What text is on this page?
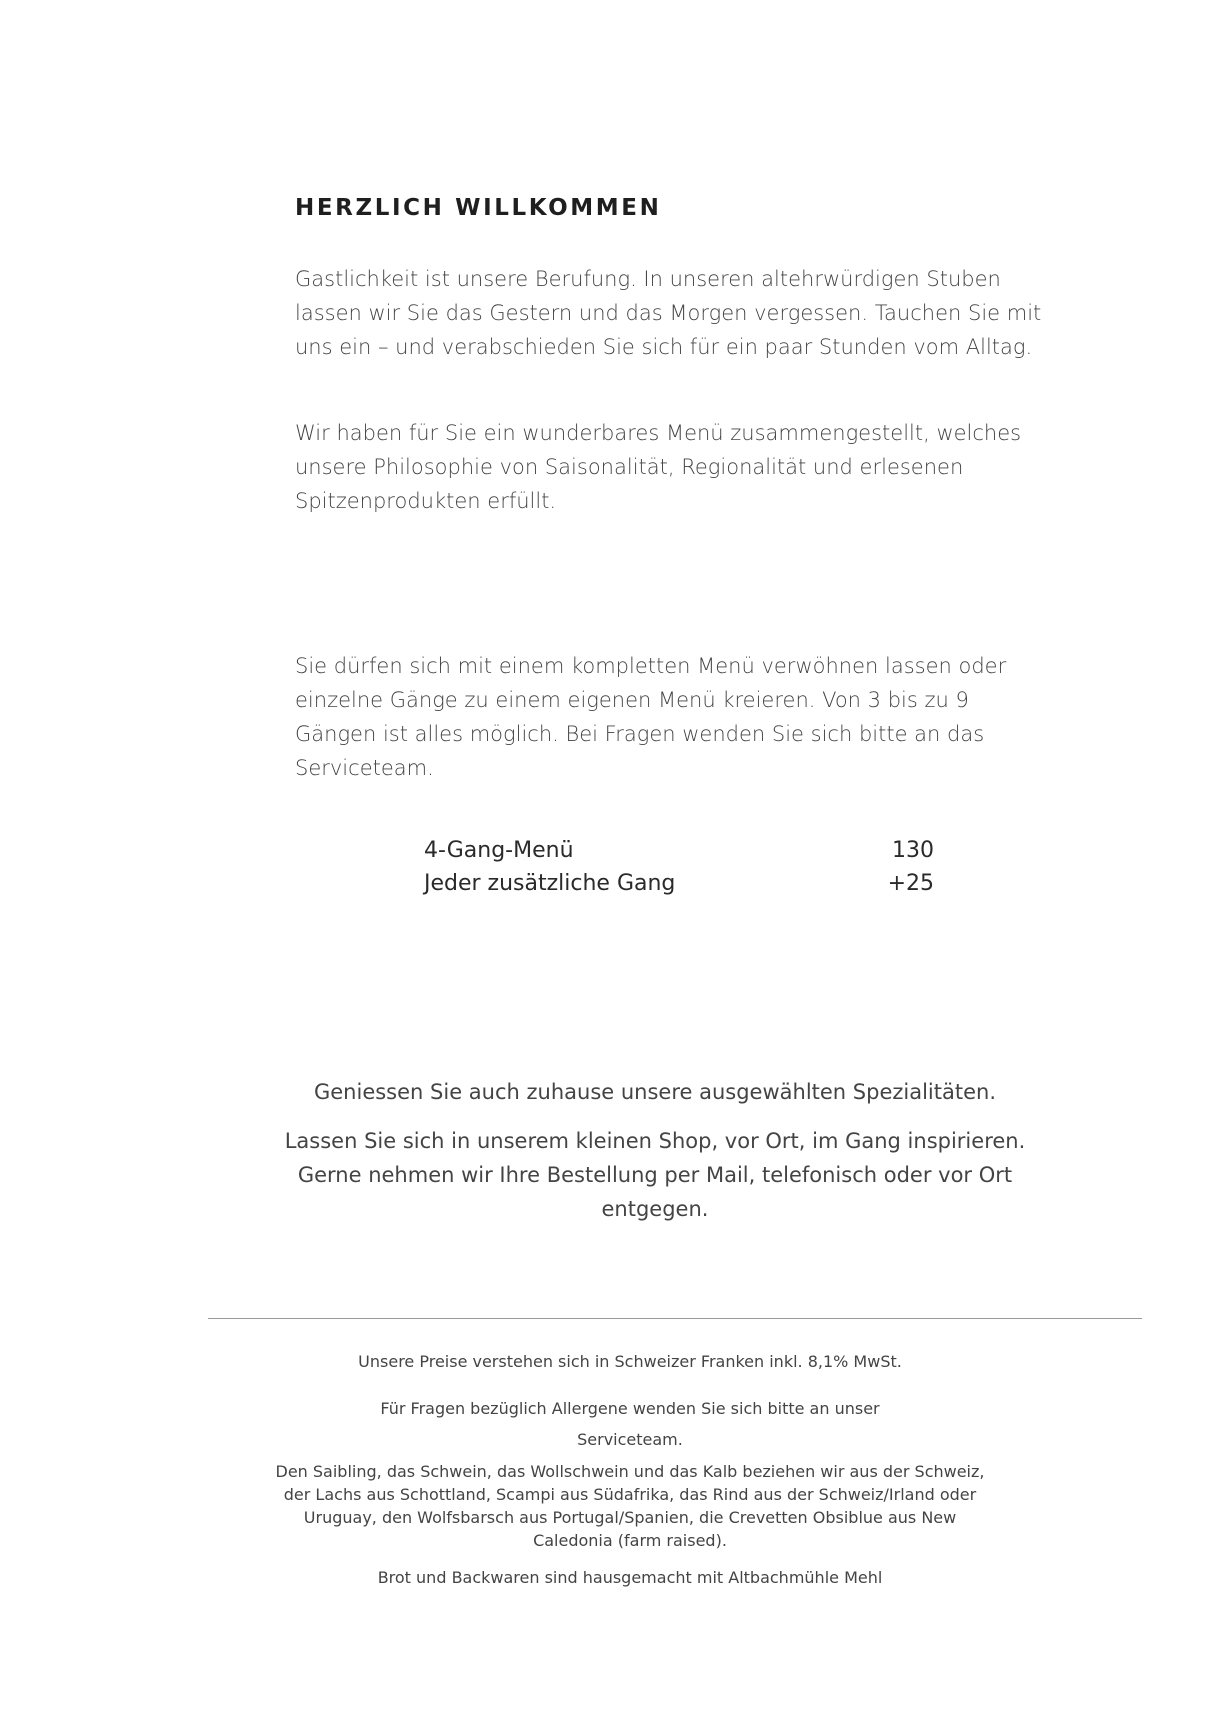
HERZLICH WILLKOMMEN

Gastlichkeit ist unsere Berufung. In unseren altehrwürdigen Stuben lassen wir Sie das Gestern und das Morgen vergessen. Tauchen Sie mit uns ein – und verabschieden Sie sich für ein paar Stunden vom Alltag.

Wir haben für Sie ein wunderbares Menü zusammengestellt, welches unsere Philosophie von Saisonalität, Regionalität und erlesenen Spitzenprodukten erfüllt.

Sie dürfen sich mit einem kompletten Menü verwöhnen lassen oder einzelne Gänge zu einem eigenen Menü kreieren. Von 3 bis zu 9 Gängen ist alles möglich. Bei Fragen wenden Sie sich bitte an das Serviceteam.

4-Gang-Menü	130
Jeder zusätzliche Gang	+25

Geniessen Sie auch zuhause unsere ausgewählten Spezialitäten.

Lassen Sie sich in unserem kleinen Shop, vor Ort, im Gang inspirieren. Gerne nehmen wir Ihre Bestellung per Mail, telefonisch oder vor Ort entgegen.

Unsere Preise verstehen sich in Schweizer Franken inkl. 8,1% MwSt.

Für Fragen bezüglich Allergene wenden Sie sich bitte an unser Serviceteam.

Den Saibling, das Schwein, das Wollschwein und das Kalb beziehen wir aus der Schweiz, der Lachs aus Schottland, Scampi aus Südafrika, das Rind aus der Schweiz/Irland oder Uruguay, den Wolfsbarsch aus Portugal/Spanien, die Crevetten Obsiblue aus New Caledonia (farm raised).

Brot und Backwaren sind hausgemacht mit Altbachmühle Mehl
